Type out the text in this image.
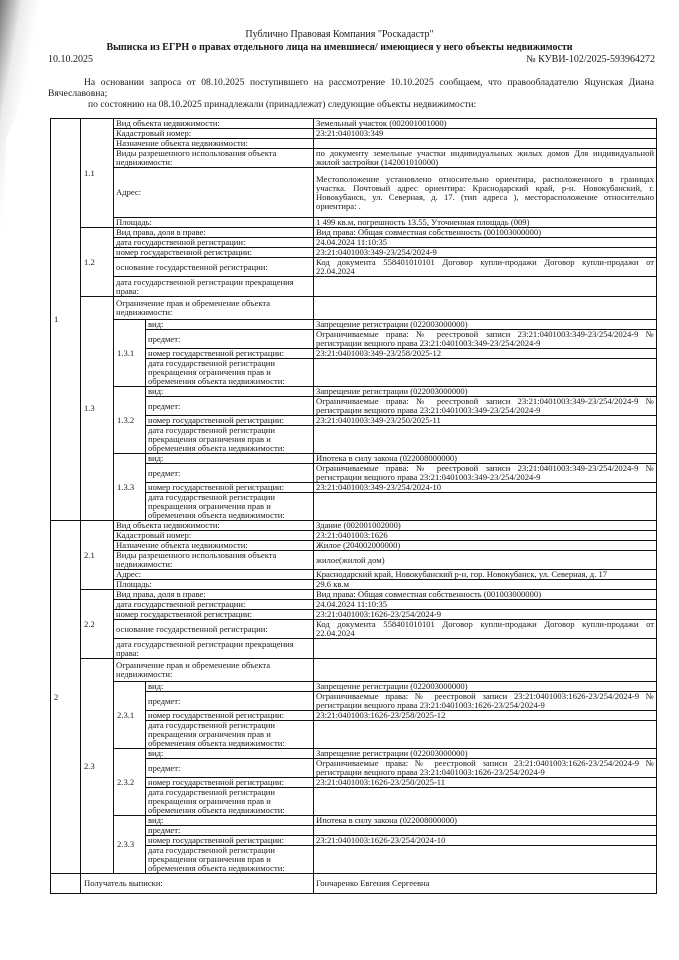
Публично Правовая Компания "Роскадастр"
Выписка из ЕГРН о правах отдельного лица на имевшиеся/ имеющиеся у него объекты недвижимости
10.10.2025	№ КУВИ-102/2025-593964272
На основании запроса от 08.10.2025 поступившего на рассмотрение 10.10.2025 сообщаем, что правообладателю Яцунская Диана Вячеславовна;
по состоянию на 08.10.2025 принадлежали (принадлежат) следующие объекты недвижимости:
1	1.1	Вид объекта недвижимости:		Земельный участок (002001001000)
		Кадастровый номер:		23:21:0401003:349
		Назначение объекта недвижимости:		
		Виды разрешенного использования объекта недвижимости:		по документу земельные участки индивидуальных жилых домов Для индивидуальной жилой застройки (142001010000)
		Адрес:		Местоположение установлено относительно ориентира, расположенного в границах участка. Почтовый адрес ориентира: Краснодарский край, р-н. Новокубанский, г. Новокубанск, ул. Северная, д. 17. (тип адреса ), месторасположение относительно ориентира: .
		Площадь:		1 499 кв.м, погрешность 13.55, Уточненная площадь (009)
	1.2	Вид права, доля в праве:		Вид права: Общая совместная собственность (001003000000)
		дата государственной регистрации:		24.04.2024 11:10:35
		номер государственной регистрации:		23:21:0401003:349-23/254/2024-9
		основание государственной регистрации:		Код документа 558401010101 Договор купли-продажи Договор купли-продажи от 22.04.2024
		дата государственной регистрации прекращения права:		
	1.3	Ограничение прав и обременение объекта недвижимости:		
		1.3.1	вид:	Запрещение регистрации (022003000000)
			предмет:	Ограничиваемые права: № реестровой записи 23:21:0401003:349-23/254/2024-9 № регистрации вещного права 23:21:0401003:349-23/254/2024-9
			номер государственной регистрации:	23:21:0401003:349-23/258/2025-12
			дата государственной регистрации прекращения ограничения прав и обременения объекта недвижимости:	
		1.3.2	вид:	Запрещение регистрации (022003000000)
			предмет:	Ограничиваемые права: № реестровой записи 23:21:0401003:349-23/254/2024-9 № регистрации вещного права 23:21:0401003:349-23/254/2024-9
			номер государственной регистрации:	23:21:0401003:349-23/250/2025-11
			дата государственной регистрации прекращения ограничения прав и обременения объекта недвижимости:	
		1.3.3	вид:	Ипотека в силу закона (022008000000)
			предмет:	Ограничиваемые права: № реестровой записи 23:21:0401003:349-23/254/2024-9 № регистрации вещного права 23:21:0401003:349-23/254/2024-9
			номер государственной регистрации:	23:21:0401003:349-23/254/2024-10
			дата государственной регистрации прекращения ограничения прав и обременения объекта недвижимости:	
2	2.1	Вид объекта недвижимости:		Здание (002001002000)
		Кадастровый номер:		23:21:0401003:1626
		Назначение объекта недвижимости:		Жилое (204002000000)
		Виды разрешенного использования объекта недвижимости:		жилое(жилой дом)
		Адрес:		Краснодарский край, Новокубанский р-н, гор. Новокубанск, ул. Северная, д. 17
		Площадь:		29.6 кв.м
	2.2	Вид права, доля в праве:		Вид права: Общая совместная собственность (001003000000)
		дата государственной регистрации:		24.04.2024 11:10:35
		номер государственной регистрации:		23:21:0401003:1626-23/254/2024-9
		основание государственной регистрации:		Код документа 558401010101 Договор купли-продажи Договор купли-продажи от 22.04.2024
		дата государственной регистрации прекращения права:		
	2.3	Ограничение прав и обременение объекта недвижимости:		
		2.3.1	вид:	Запрещение регистрации (022003000000)
			предмет:	Ограничиваемые права: № реестровой записи 23:21:0401003:1626-23/254/2024-9 № регистрации вещного права 23:21:0401003:1626-23/254/2024-9
			номер государственной регистрации:	23:21:0401003:1626-23/258/2025-12
			дата государственной регистрации прекращения ограничения прав и обременения объекта недвижимости:	
		2.3.2	вид:	Запрещение регистрации (022003000000)
			предмет:	Ограничиваемые права: № реестровой записи 23:21:0401003:1626-23/254/2024-9 № регистрации вещного права 23:21:0401003:1626-23/254/2024-9
			номер государственной регистрации:	23:21:0401003:1626-23/250/2025-11
			дата государственной регистрации прекращения ограничения прав и обременения объекта недвижимости:	
		2.3.3	вид:	Ипотека в силу закона (022008000000)
			предмет:	
			номер государственной регистрации:	23:21:0401003:1626-23/254/2024-10
			дата государственной регистрации прекращения ограничения прав и обременения объекта недвижимости:	
	Получатель выписки:			Гончаренко Евгения Сергеевна
